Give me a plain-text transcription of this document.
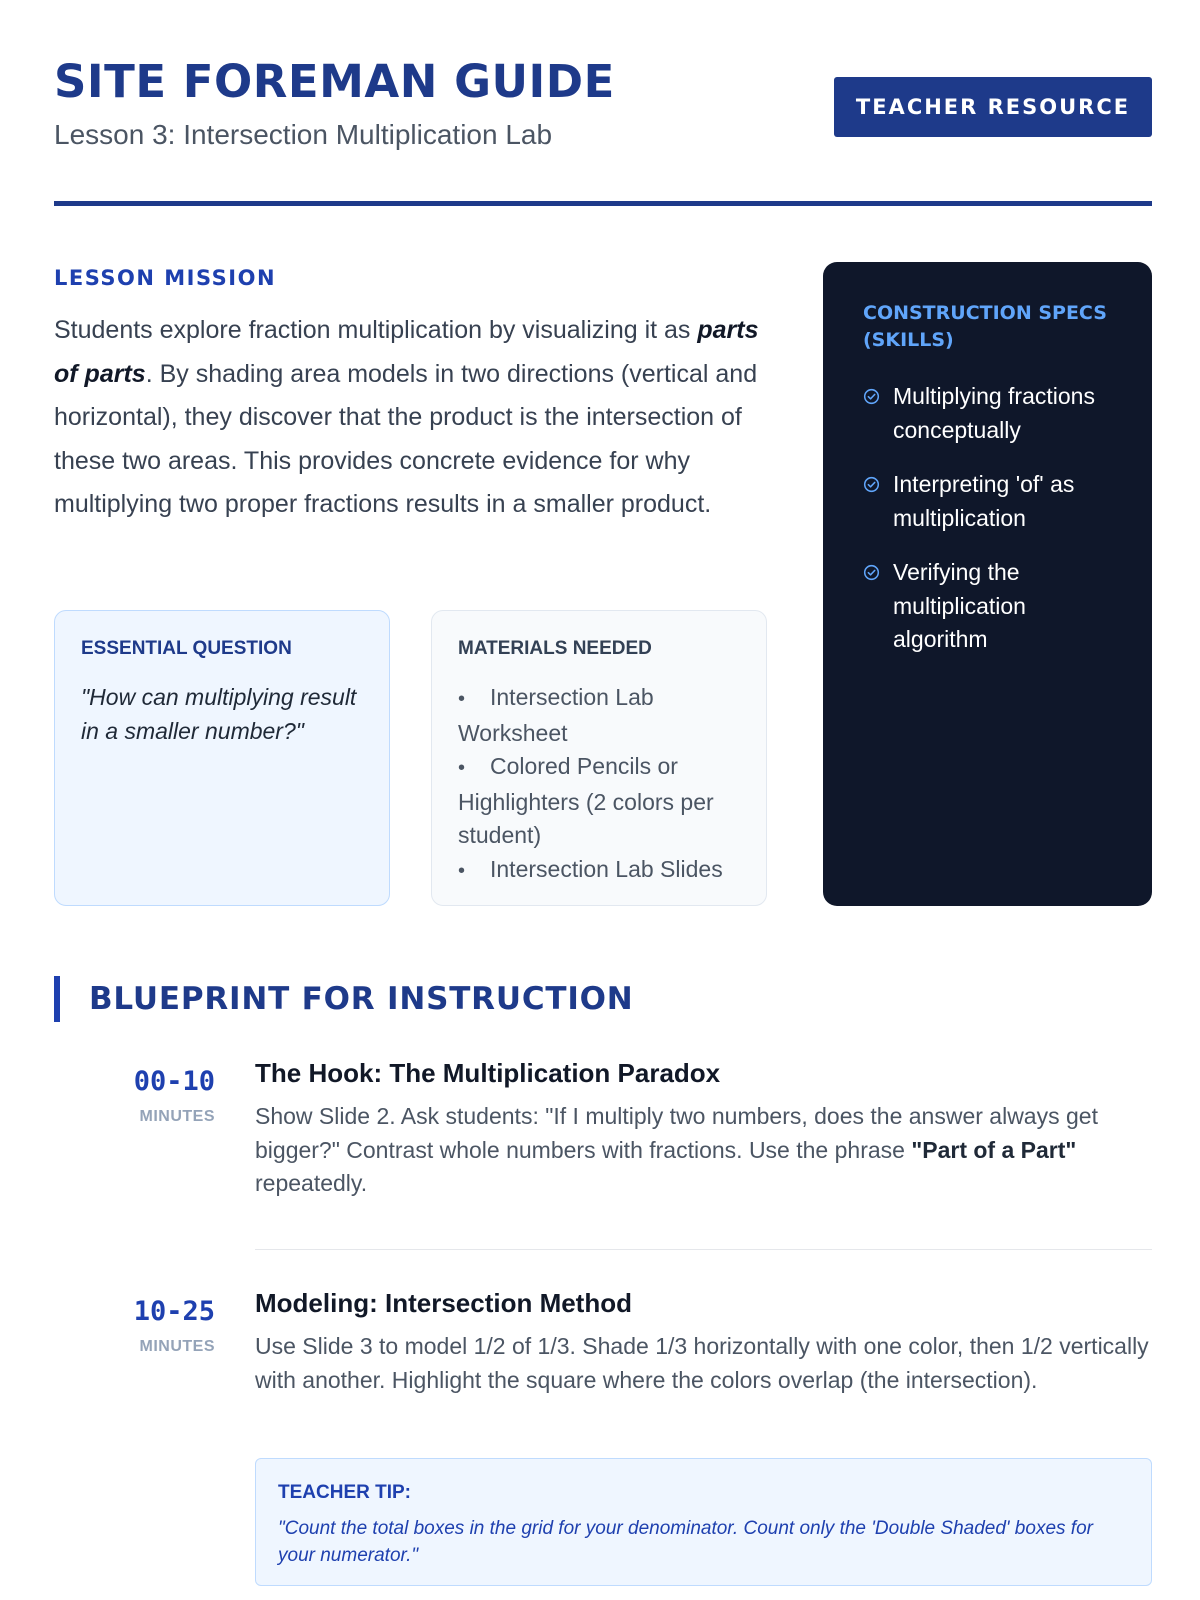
SITE FOREMAN GUIDE
Lesson 3: Intersection Multiplication Lab
TEACHER RESOURCE
LESSON MISSION

Students explore fraction multiplication by visualizing it as parts of parts. By shading area models in two directions (vertical and horizontal), they discover that the product is the intersection of these two areas. This provides concrete evidence for why multiplying two proper fractions results in a smaller product.

ESSENTIAL QUESTION
"How can multiplying result in a smaller number?"
MATERIALS NEEDED
• Intersection Lab Worksheet
• Colored Pencils or Highlighters (2 colors per student)
• Intersection Lab Slides
CONSTRUCTION SPECS (SKILLS)
Multiplying fractions conceptually
Interpreting 'of' as multiplication
Verifying the multiplication algorithm
BLUEPRINT FOR INSTRUCTION
00-10
MINUTES
The Hook: The Multiplication Paradox

Show Slide 2. Ask students: "If I multiply two numbers, does the answer always get bigger?" Contrast whole numbers with fractions. Use the phrase "Part of a Part" repeatedly.

10-25
MINUTES
Modeling: Intersection Method

Use Slide 3 to model 1/2 of 1/3. Shade 1/3 horizontally with one color, then 1/2 vertically with another. Highlight the square where the colors overlap (the intersection).

TEACHER TIP:
"Count the total boxes in the grid for your denominator. Count only the 'Double Shaded' boxes for your numerator."
